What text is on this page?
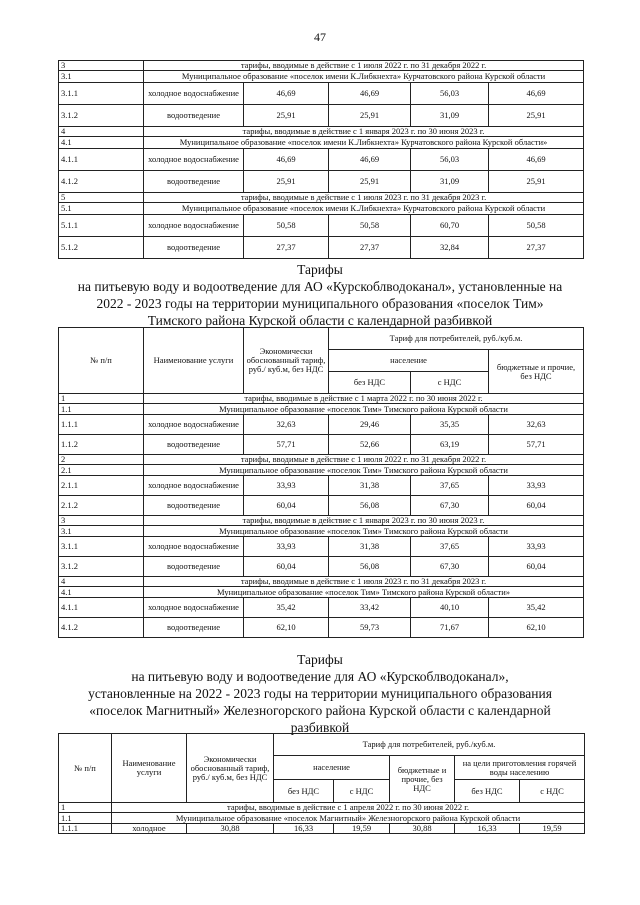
47
3	тарифы, вводимые в действие с 1 июля 2022 г. по 31 декабря 2022 г.				
3.1	Муниципальное образование «поселок имени К.Либкнехта» Курчатовского района Курской области				
3.1.1	холодное водоснабжение	46,69	46,69	56,03	46,69
3.1.2	водоотведение	25,91	25,91	31,09	25,91
4	тарифы, вводимые в действие с 1 января 2023 г. по 30 июня 2023 г.				
4.1	Муниципальное образование «поселок имени К.Либкнехта» Курчатовского района Курской области»				
4.1.1	холодное водоснабжение	46,69	46,69	56,03	46,69
4.1.2	водоотведение	25,91	25,91	31,09	25,91
5	тарифы, вводимые в действие с 1 июля 2023 г. по 31 декабря 2023 г.				
5.1	Муниципальное образование «поселок имени К.Либкнехта» Курчатовского района Курской области				
5.1.1	холодное водоснабжение	50,58	50,58	60,70	50,58
5.1.2	водоотведение	27,37	27,37	32,84	27,37
Тарифы
на питьевую воду и водоотведение для АО «Курскоблводоканал», установленные на
2022 - 2023 годы на территории муниципального образования «поселок Тим»
Тимского района Курской области с календарной разбивкой
№ п/п	Наименование услуги	Экономически обоснованный тариф, руб./ куб.м, без НДС	Тариф для потребителей, руб./куб.м.		
			население		бюджетные и прочие, без НДС
			без НДС	с НДС	
1	тарифы, вводимые в действие с 1 марта 2022 г. по 30 июня 2022 г.				
1.1	Муниципальное образование «поселок Тим» Тимского района Курской области				
1.1.1	холодное водоснабжение	32,63	29,46	35,35	32,63
1.1.2	водоотведение	57,71	52,66	63,19	57,71
2	тарифы, вводимые в действие с 1 июля 2022 г. по 31 декабря 2022 г.				
2.1	Муниципальное образование «поселок Тим» Тимского района Курской области				
2.1.1	холодное водоснабжение	33,93	31,38	37,65	33,93
2.1.2	водоотведение	60,04	56,08	67,30	60,04
3	тарифы, вводимые в действие с 1 января 2023 г. по 30 июня 2023 г.				
3.1	Муниципальное образование «поселок Тим» Тимского района Курской области				
3.1.1	холодное водоснабжение	33,93	31,38	37,65	33,93
3.1.2	водоотведение	60,04	56,08	67,30	60,04
4	тарифы, вводимые в действие с 1 июля 2023 г. по 31 декабря 2023 г.				
4.1	Муниципальное образование «поселок Тим» Тимского района Курской области»				
4.1.1	холодное водоснабжение	35,42	33,42	40,10	35,42
4.1.2	водоотведение	62,10	59,73	71,67	62,10
Тарифы
на питьевую воду и водоотведение для АО «Курскоблводоканал»,
установленные на 2022 - 2023 годы на территории муниципального образования
«поселок Магнитный» Железногорского района Курской области с календарной
разбивкой
№ п/п	Наименование услуги	Экономически обоснованный тариф, руб./ куб.м, без НДС	Тариф для потребителей, руб./куб.м.				
			население		бюджетные и прочие, без НДС	на цели приготовления горячей воды населению	
			без НДС	с НДС		без НДС	с НДС
1	тарифы, вводимые в действие с 1 апреля 2022 г. по 30 июня 2022 г.						
1.1	Муниципальное образование «поселок Магнитный» Железногорского района Курской области						
1.1.1	холодное	30,88	16,33	19,59	30,88	16,33	19,59
